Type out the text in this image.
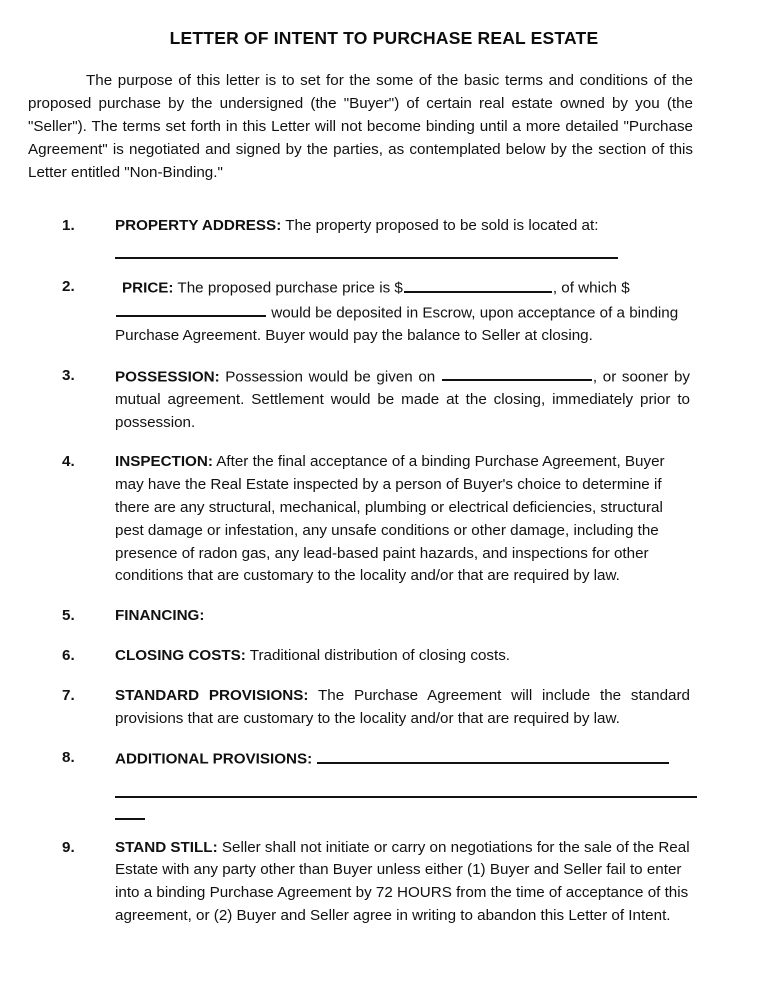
LETTER OF INTENT TO PURCHASE REAL ESTATE

The purpose of this letter is to set for the some of the basic terms and conditions of the proposed purchase by the undersigned (the "Buyer") of certain real estate owned by you (the "Seller"). The terms set forth in this Letter will not become binding until a more detailed "Purchase Agreement" is negotiated and signed by the parties, as contemplated below by the section of this Letter entitled "Non-Binding."

1.	PROPERTY ADDRESS: The property proposed to be sold is located at:
2.	PRICE: The proposed purchase price is $	, of which $  would be deposited in Escrow, upon acceptance of a binding Purchase Agreement. Buyer would pay the balance to Seller at closing.
3.	POSSESSION: Possession would be given on	, or sooner by mutual agreement. Settlement would be made at the closing, immediately prior to possession.
4.	INSPECTION: After the final acceptance of a binding Purchase Agreement, Buyer may have the Real Estate inspected by a person of Buyer's choice to determine if there are any structural, mechanical, plumbing or electrical deficiencies, structural pest damage or infestation, any unsafe conditions or other damage, including the presence of radon gas, any lead-based paint hazards, and inspections for other conditions that are customary to the locality and/or that are required by law.
5.	FINANCING:
6.	CLOSING COSTS: Traditional distribution of closing costs.
7.	STANDARD PROVISIONS: The Purchase Agreement will include the standard provisions that are customary to the locality and/or that are required by law.
8.	ADDITIONAL PROVISIONS:
9.	STAND STILL: Seller shall not initiate or carry on negotiations for the sale of the Real Estate with any party other than Buyer unless either (1) Buyer and Seller fail to enter into a binding Purchase Agreement by 72 HOURS from the time of acceptance of this agreement, or (2) Buyer and Seller agree in writing to abandon this Letter of Intent.
